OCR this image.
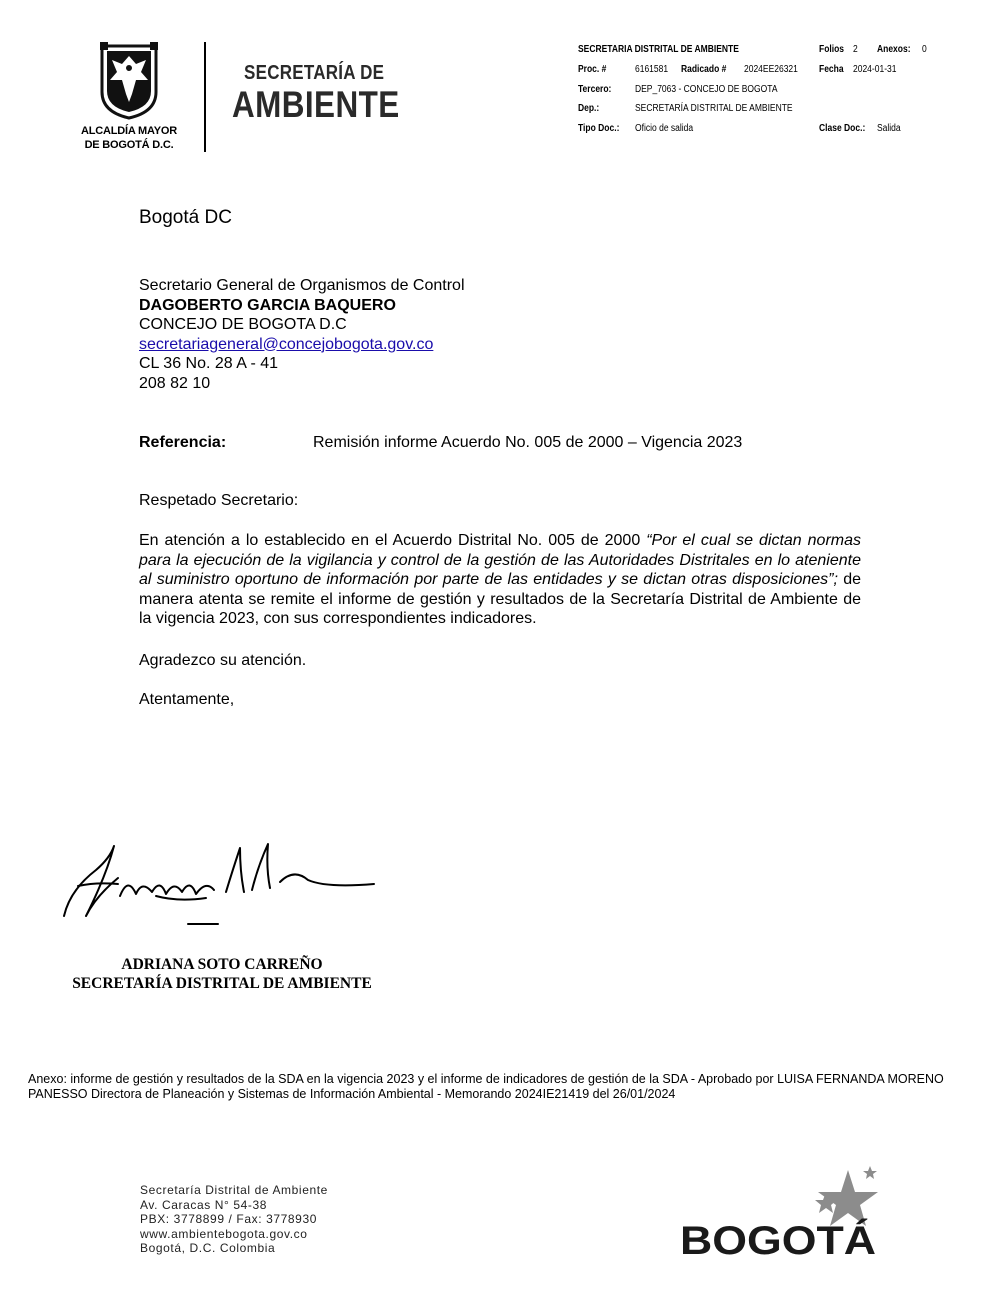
ALCALDÍA MAYOR
DE BOGOTÁ D.C.
SECRETARÍA DE
AMBIENTE
SECRETARIA DISTRITAL DE AMBIENTE	Folios 2 Anexos: 0
Proc. #	6161581 Radicado # 2024EE26321 Fecha 2024-01-31
Tercero: DEP_7063 - CONCEJO DE BOGOTA
Dep.:	SECRETARÍA DISTRITAL DE AMBIENTE
Tipo Doc.: Oficio de salida	Clase Doc.: Salida
Bogotá DC
Secretario General de Organismos de Control
DAGOBERTO GARCIA BAQUERO
CONCEJO DE BOGOTA D.C
secretariageneral@concejobogota.gov.co
CL 36 No. 28 A - 41
208 82 10
Referencia:	Remisión informe Acuerdo No. 005 de 2000 – Vigencia 2023
Respetado Secretario:
En atención a lo establecido en el Acuerdo Distrital No. 005 de 2000 “Por el cual se dictan normas para la ejecución de la vigilancia y control de la gestión de las Autoridades Distritales en lo ateniente al suministro oportuno de información por parte de las entidades y se dictan otras disposiciones”; de manera atenta se remite el informe de gestión y resultados de la Secretaría Distrital de Ambiente de la vigencia 2023, con sus correspondientes indicadores.
Agradezco su atención.
Atentamente,
ADRIANA SOTO CARREÑO
SECRETARÍA DISTRITAL DE AMBIENTE
Anexo: informe de gestión y resultados de la SDA en la vigencia 2023 y el informe de indicadores de gestión de la SDA - Aprobado por LUISA FERNANDA MORENO PANESSO Directora de Planeación y Sistemas de Información Ambiental - Memorando 2024IE21419 del 26/01/2024
Secretaría Distrital de Ambiente
Av. Caracas N° 54-38
PBX: 3778899 / Fax: 3778930
www.ambientebogota.gov.co
Bogotá, D.C. Colombia	BOGOTÁ
